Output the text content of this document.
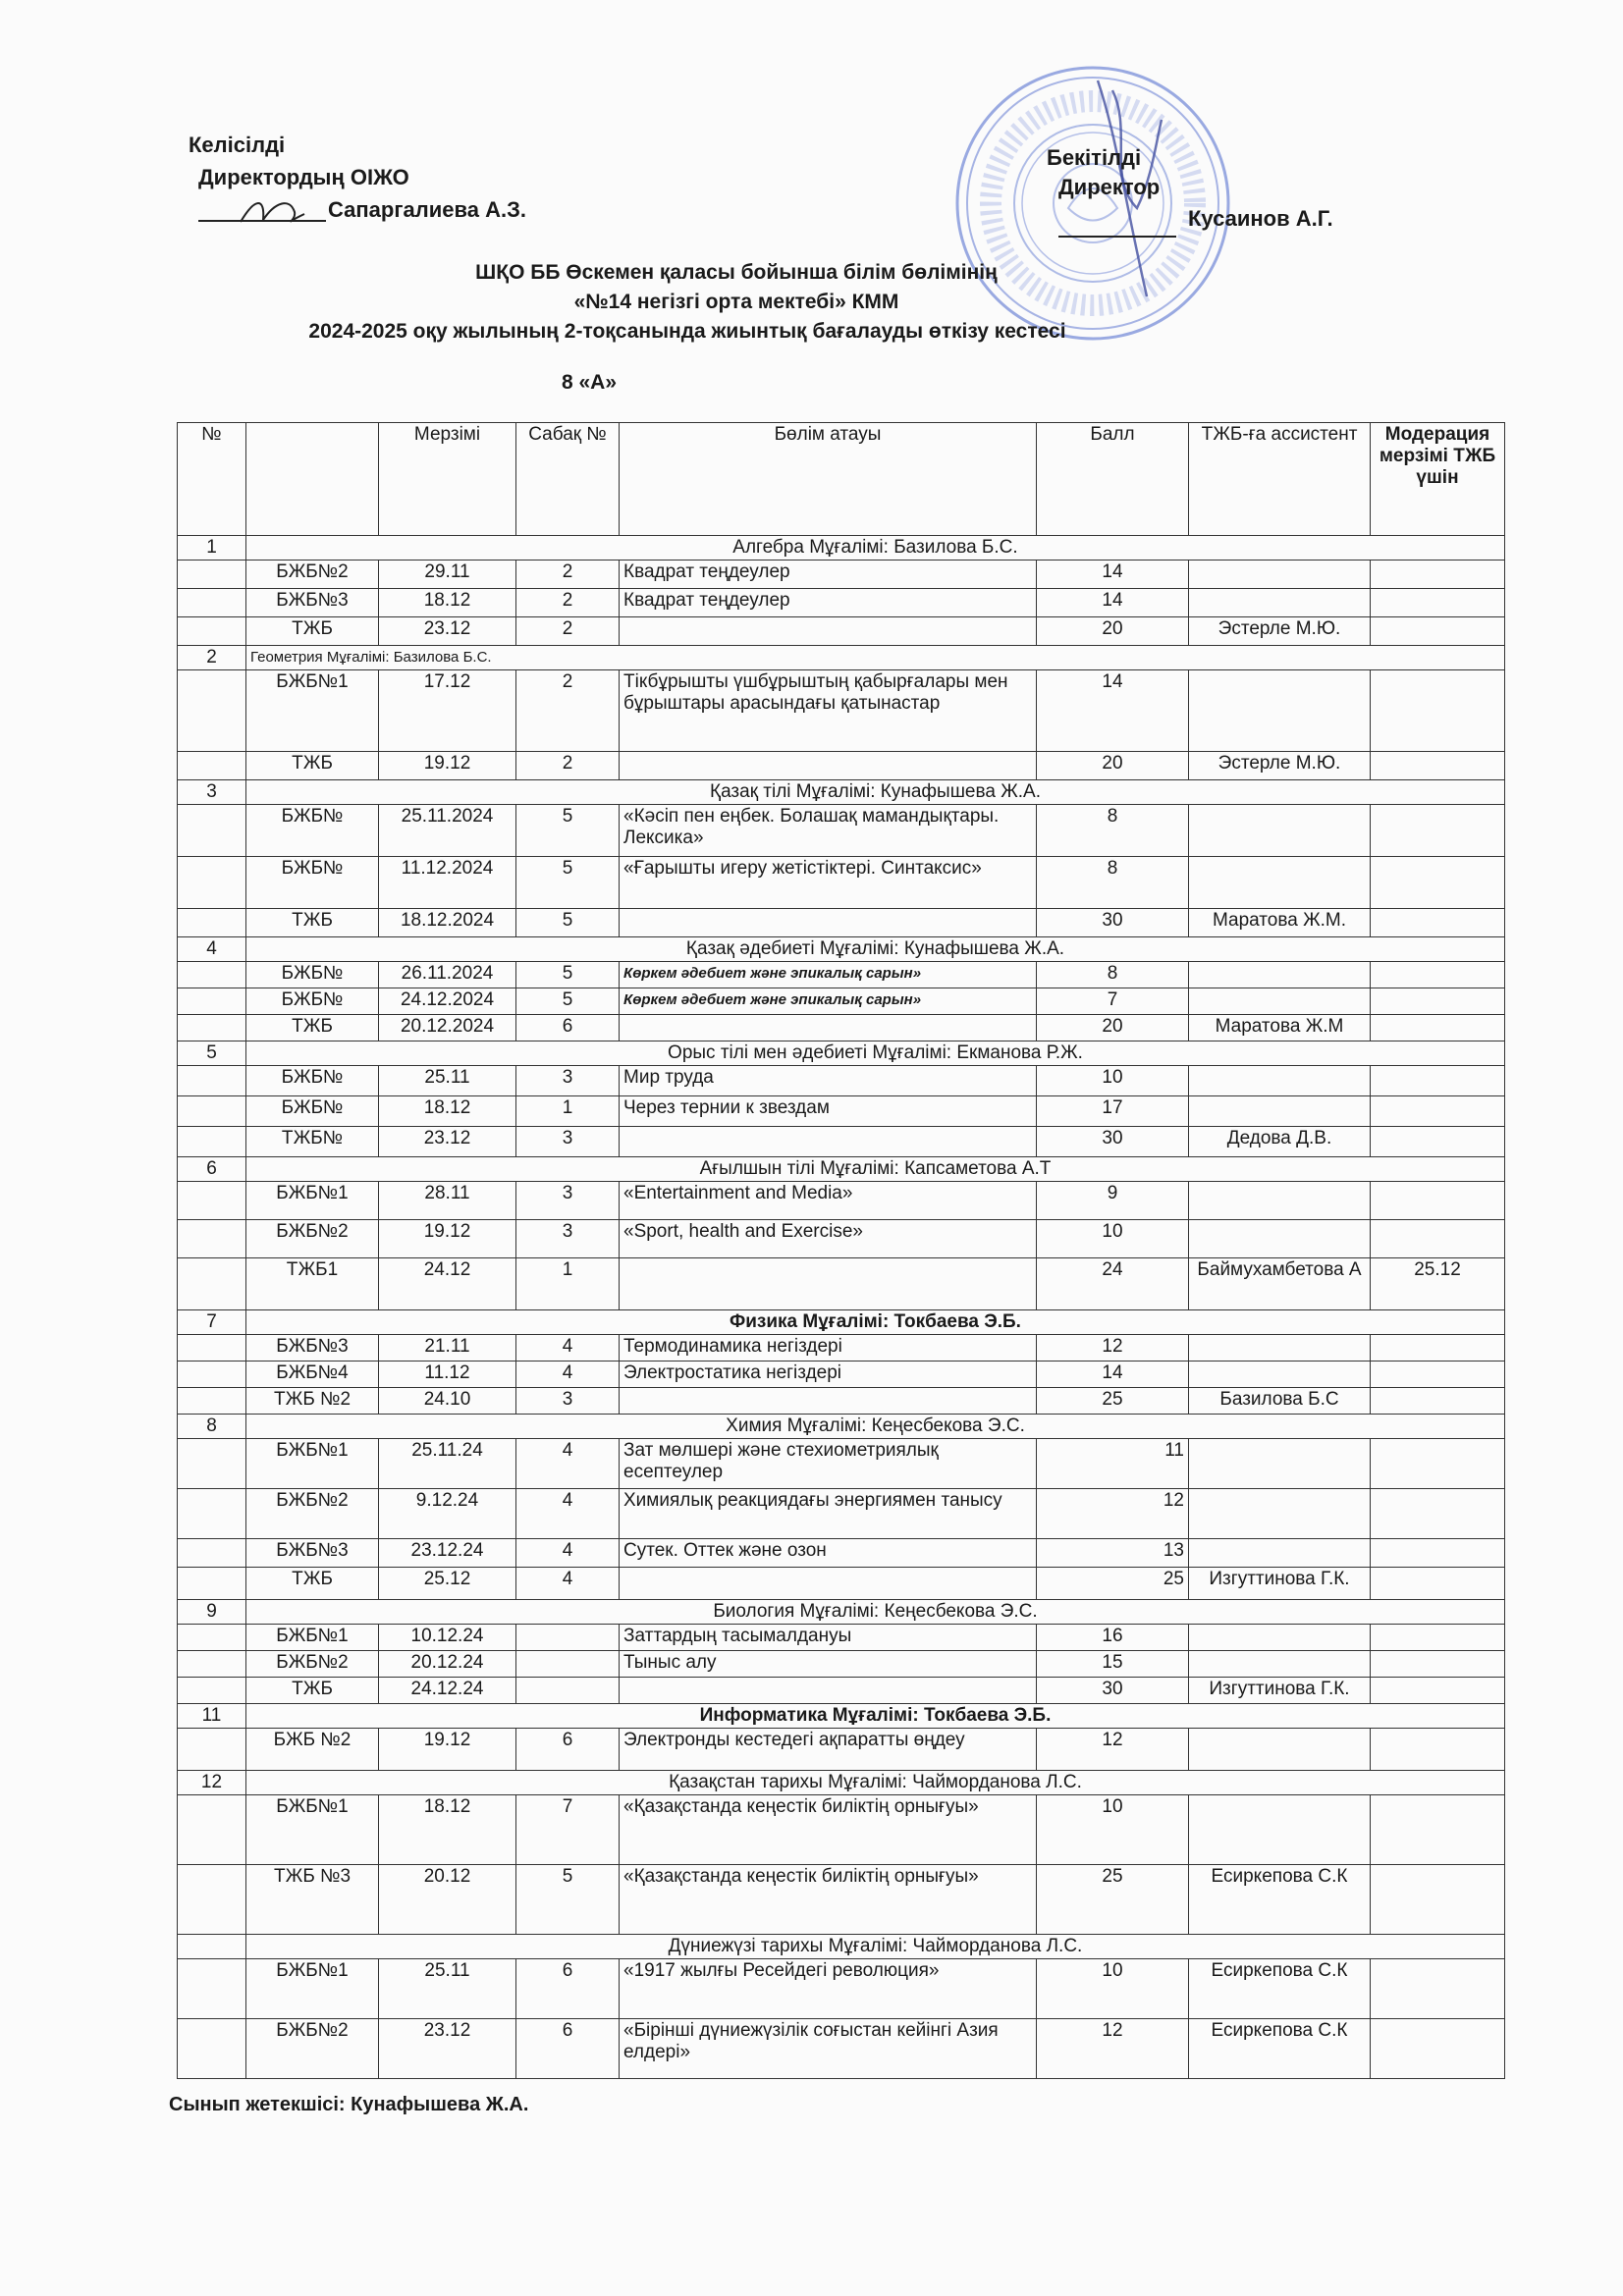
Келісілді
Директордың ОІЖО
Сапаргалиева А.З.
Бекітілді
Директор
Кусаинов А.Г.
ШҚО ББ Өскемен қаласы бойынша білім бөлімінің
«№14 негізгі орта мектебі» КММ
2024-2025 оқу жылының 2-тоқсанында жиынтық бағалауды өткізу кестесі
8 «А»
№		Мерзімі	Сабақ №	Бөлім атауы	Балл	ТЖБ-ға ассистент	Модерация мерзімі ТЖБ үшін
1	Алгебра Мұғалімі: Базилова Б.С.						
	БЖБ№2	29.11	2	Квадрат теңдеулер	14		
	БЖБ№3	18.12	2	Квадрат теңдеулер	14		
	ТЖБ	23.12	2		20	Эстерле М.Ю.	
2	Геометрия Мұғалімі: Базилова Б.С.						
	БЖБ№1	17.12	2	Тікбұрышты үшбұрыштың қабырғалары мен бұрыштары арасындағы қатынастар	14		
	ТЖБ	19.12	2		20	Эстерле М.Ю.	
3	Қазақ тілі Мұғалімі: Кунафышева Ж.А.						
	БЖБ№	25.11.2024	5	«Кәсіп пен еңбек. Болашақ мамандықтары. Лексика»	8		
	БЖБ№	11.12.2024	5	«Ғарышты игеру жетістіктері. Синтаксис»	8		
	ТЖБ	18.12.2024	5		30	Маратова Ж.М.	
4	Қазақ әдебиеті Мұғалімі: Кунафышева Ж.А.						
	БЖБ№	26.11.2024	5	Көркем әдебиет және эпикалық сарын»	8		
	БЖБ№	24.12.2024	5	Көркем әдебиет және эпикалық сарын»	7		
	ТЖБ	20.12.2024	6		20	Маратова Ж.М	
5	Орыс тілі мен әдебиеті Мұғалімі: Екманова Р.Ж.						
	БЖБ№	25.11	3	Мир труда	10		
	БЖБ№	18.12	1	Через тернии к звездам	17		
	ТЖБ№	23.12	3		30	Дедова Д.В.	
6	Ағылшын тілі Мұғалімі: Капсаметова А.Т						
	БЖБ№1	28.11	3	«Entertainment and Media»	9		
	БЖБ№2	19.12	3	«Sport, health and Exercise»	10		
	ТЖБ1	24.12	1		24	Баймухамбетова А	25.12
7	Физика Мұғалімі: Токбаева Э.Б.						
	БЖБ№3	21.11	4	Термодинамика негіздері	12		
	БЖБ№4	11.12	4	Электростатика негіздері	14		
	ТЖБ №2	24.10	3		25	Базилова Б.С	
8	Химия Мұғалімі: Кеңесбекова Э.С.						
	БЖБ№1	25.11.24	4	Зат мөлшері және стехиометриялық есептеулер	11		
	БЖБ№2	9.12.24	4	Химиялық реакциядағы энергиямен танысу	12		
	БЖБ№3	23.12.24	4	Сутек. Оттек және озон	13		
	ТЖБ	25.12	4		25	Изгуттинова Г.К.	
9	Биология Мұғалімі: Кеңесбекова Э.С.						
	БЖБ№1	10.12.24		Заттардың тасымалдануы	16		
	БЖБ№2	20.12.24		Тыныс алу	15		
	ТЖБ	24.12.24			30	Изгуттинова Г.К.	
11	Информатика Мұғалімі: Токбаева Э.Б.						
	БЖБ №2	19.12	6	Электронды кестедегі ақпаратты өңдеу	12		
12	Қазақстан тарихы Мұғалімі: Чайморданова Л.С.						
	БЖБ№1	18.12	7	«Қазақстанда кеңестік биліктің орнығуы»	10		
	ТЖБ №3	20.12	5	«Қазақстанда кеңестік биліктің орнығуы»	25	Есиркепова С.К	
	Дүниежүзі тарихы Мұғалімі: Чайморданова Л.С.						
	БЖБ№1	25.11	6	«1917 жылғы Ресейдегі революция»	10	Есиркепова С.К	
	БЖБ№2	23.12	6	«Бірінші дүниежүзілік соғыстан кейінгі Азия елдері»	12	Есиркепова С.К	
Сынып жетекшісі: Кунафышева Ж.А.
